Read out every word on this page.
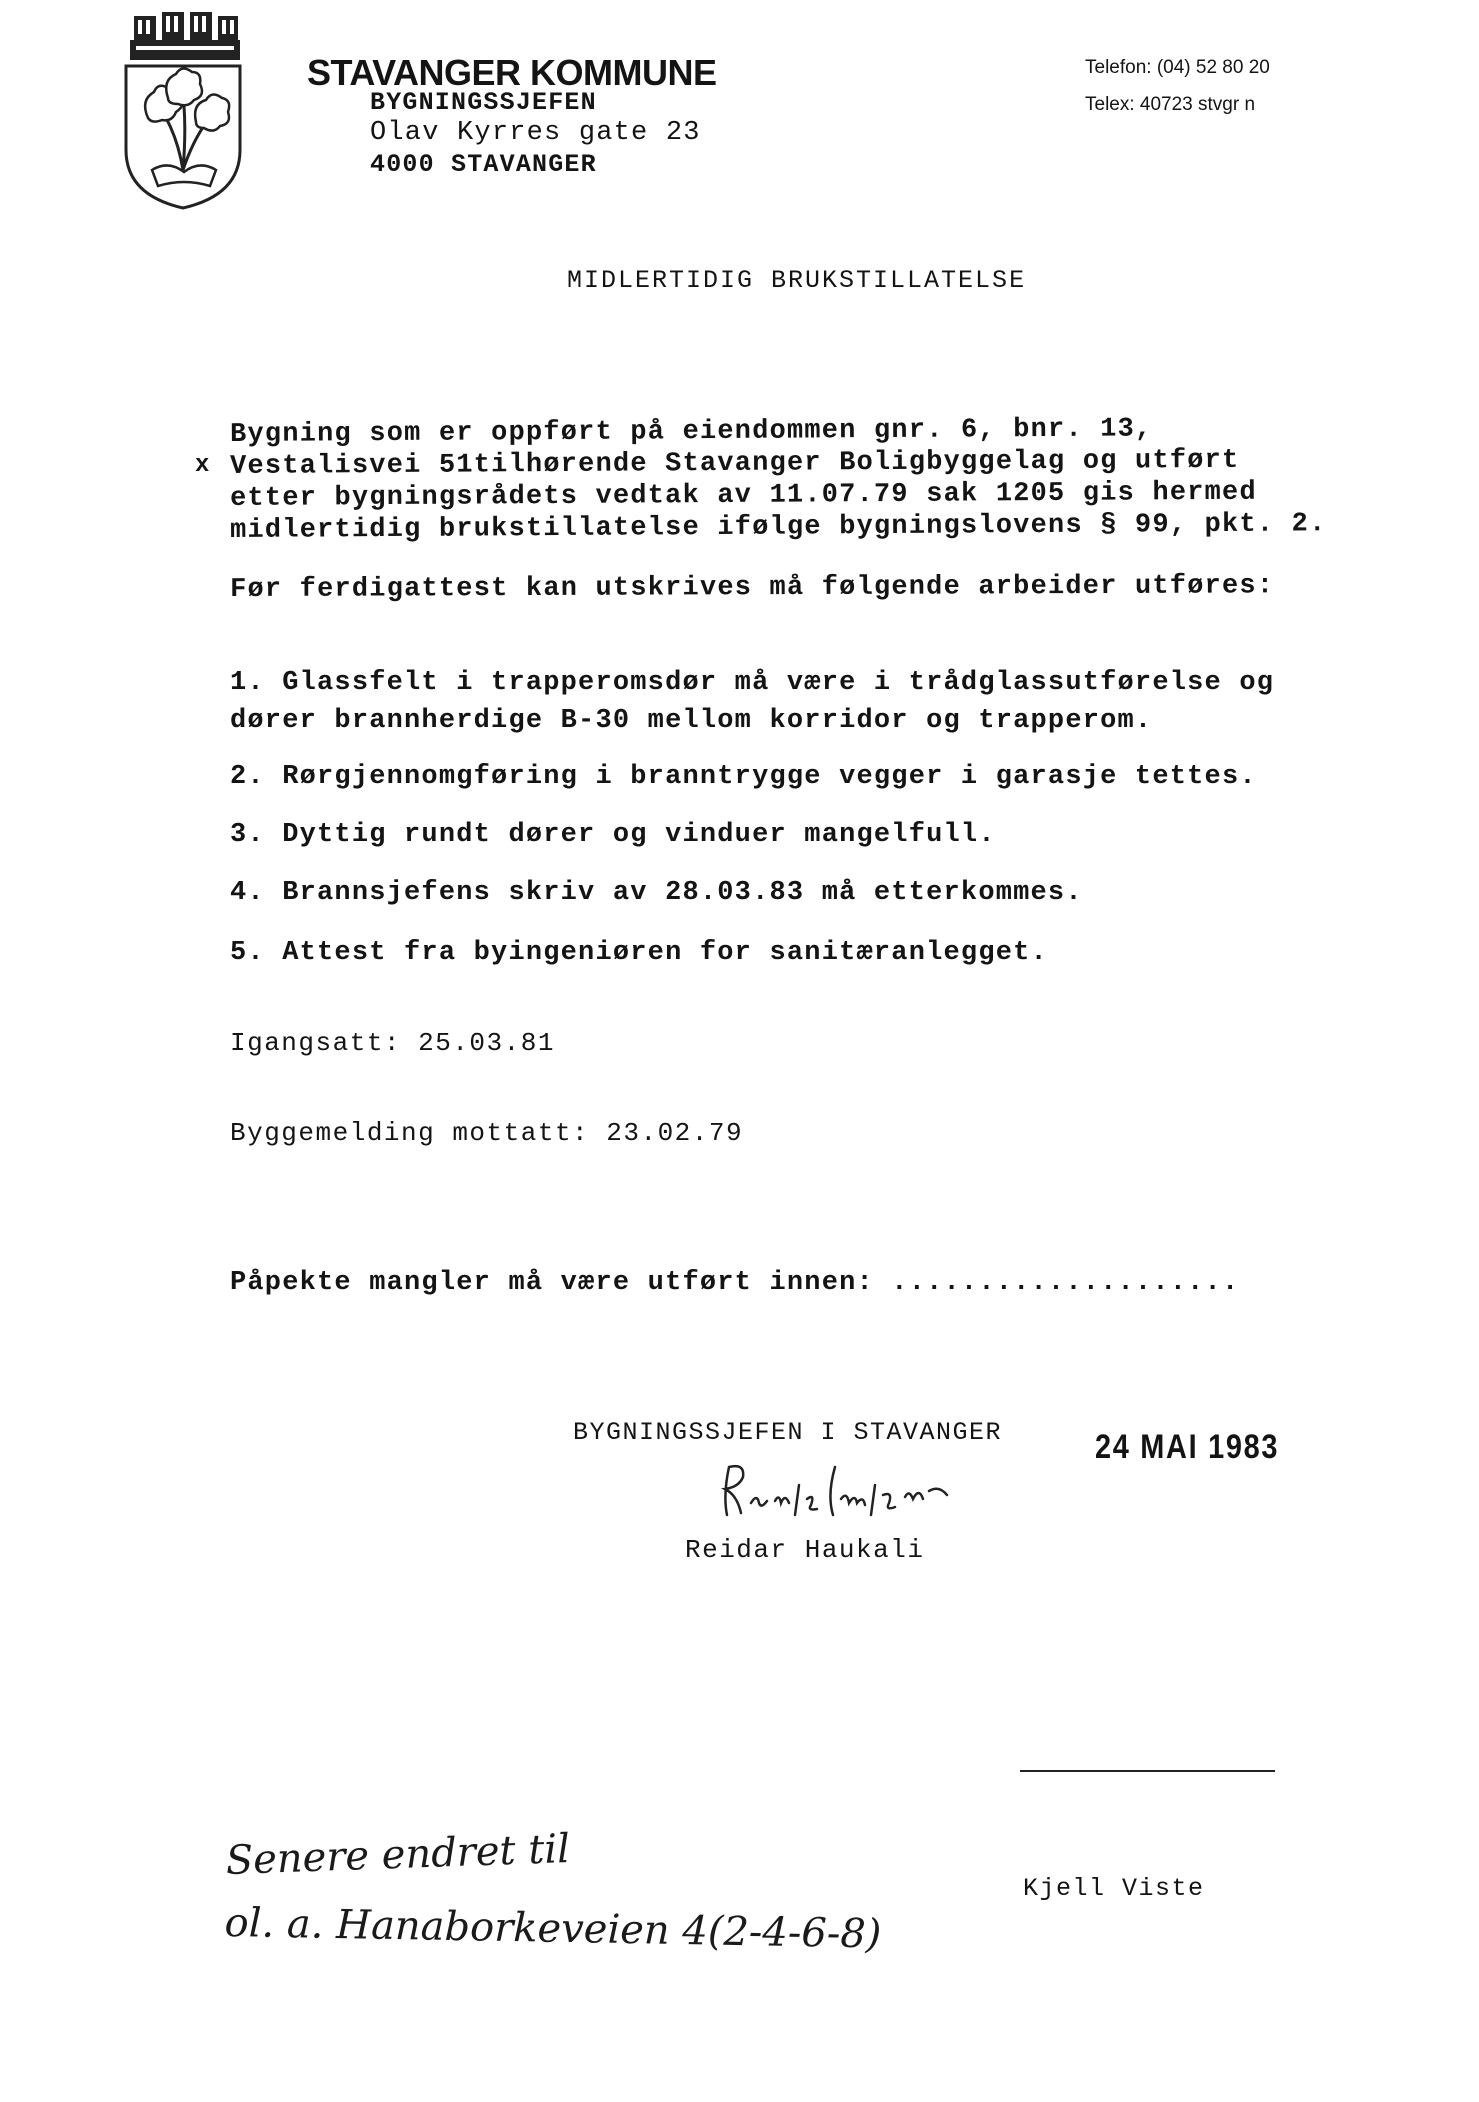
STAVANGER KOMMUNE
BYGNINGSSJEFEN
Olav Kyrres gate 23
4000 STAVANGER
Telefon: (04) 52 80 20
Telex: 40723 stvgr n
MIDLERTIDIG BRUKSTILLATELSE
x
Bygning som er oppført på eiendommen gnr. 6, bnr. 13,
Vestalisvei 51tilhørende Stavanger Boligbyggelag og utført
etter bygningsrådets vedtak av 11.07.79 sak 1205 gis hermed
midlertidig brukstillatelse ifølge bygningslovens § 99, pkt. 2.
Før ferdigattest kan utskrives må følgende arbeider utføres:
1. Glassfelt i trapperomsdør må være i trådglassutførelse og
dører brannherdige B-30 mellom korridor og trapperom.
2. Rørgjennomgføring i branntrygge vegger i garasje tettes.
3. Dyttig rundt dører og vinduer mangelfull.
4. Brannsjefens skriv av 28.03.83 må etterkommes.
5. Attest fra byingeniøren for sanitæranlegget.
Igangsatt: 25.03.81
Byggemelding mottatt: 23.02.79
Påpekte mangler må være utført innen: ....................
BYGNINGSSJEFEN I STAVANGER	24 MAI 1983
Reidar Haukali
Kjell Viste
Senere endret til
ol. a. Hanaborkeveien 4(2-4-6-8)
